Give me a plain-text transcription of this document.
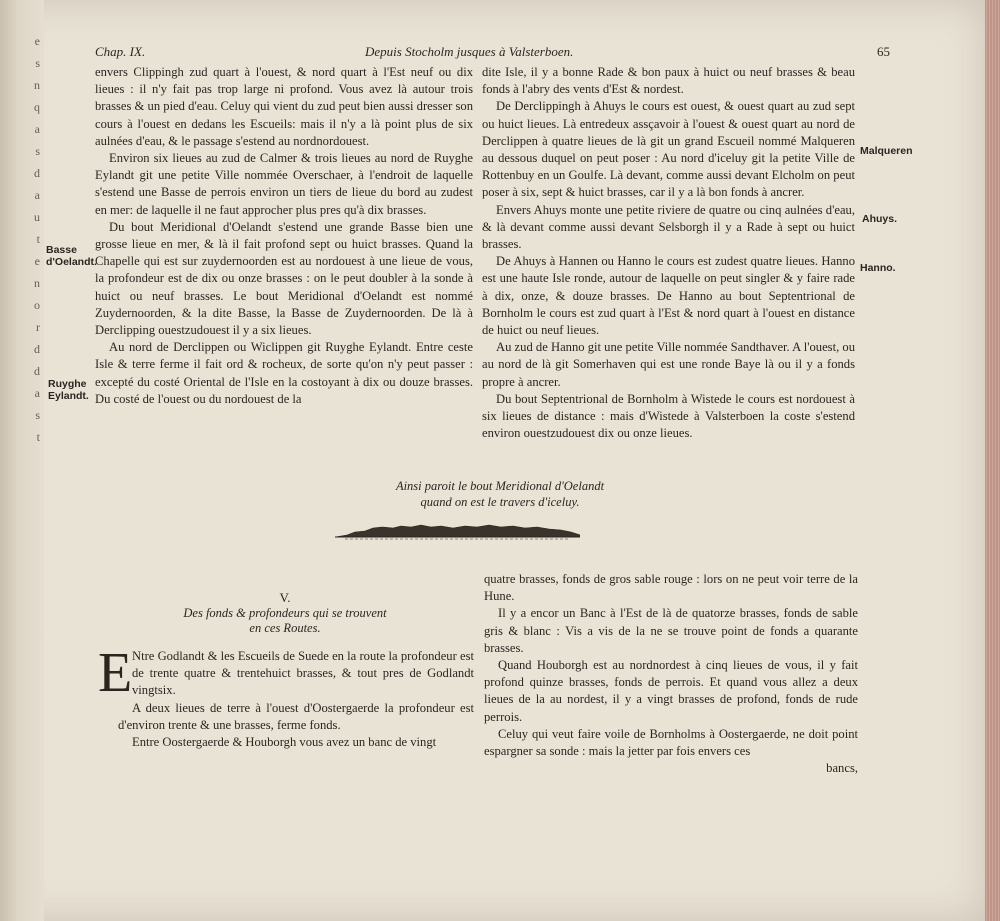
e
s
n
q
a
s
d
a
u
t
e
n
o
r
d
d
a
s
t
Chap. IX.	Depuis Stocholm jusques à Valsterboen.	65

envers Clippingh zud quart à l'ouest, & nord quart à l'Est neuf ou dix lieues : il n'y fait pas trop large ni profond. Vous avez là autour trois brasses & un pied d'eau. Celuy qui vient du zud peut bien aussi dresser son cours à l'ouest en dedans les Escueils: mais il n'y a là point plus de six aulnées d'eau, & le passage s'estend au nordnordouest.

Environ six lieues au zud de Calmer & trois lieues au nord de Ruyghe Eylandt git une petite Ville nommée Overschaer, à l'endroit de laquelle s'estend une Basse de perrois environ un tiers de lieue du bord au zudest en mer: de laquelle il ne faut approcher plus pres qu'à dix brasses.

Du bout Meridional d'Oelandt s'estend une grande Basse bien une grosse lieue en mer, & là il fait profond sept ou huict brasses. Quand la Chapelle qui est sur zuydernoorden est au nordouest à une lieue de vous, la profondeur est de dix ou onze brasses : on le peut doubler à la sonde à huict ou neuf brasses. Le bout Meridional d'Oelandt est nommé Zuydernoorden, & la dite Basse, la Basse de Zuydernoorden. De là à Derclipping ouestzudouest il y a six lieues.

Au nord de Derclippen ou Wiclippen git Ruyghe Eylandt. Entre ceste Isle & terre ferme il fait ord & rocheux, de sorte qu'on n'y peut passer : excepté du costé Oriental de l'Isle en la costoyant à dix ou douze brasses. Du costé de l'ouest ou du nordouest de la

Basse d'Oelandt.
Ruyghe Eylandt.

dite Isle, il y a bonne Rade & bon paux à huict ou neuf brasses & beau fonds à l'abry des vents d'Est & nordest.

De Derclippingh à Ahuys le cours est ouest, & ouest quart au zud sept ou huict lieues. Là entredeux assçavoir à l'ouest & ouest quart au nord de Derclippen à quatre lieues de là git un grand Escueil nommé Malqueren au dessous duquel on peut poser : Au nord d'iceluy git la petite Ville de Rottenbuy en un Goulfe. Là devant, comme aussi devant Elcholm on peut poser à six, sept & huict brasses, car il y a là bon fonds à ancrer.

Envers Ahuys monte une petite riviere de quatre ou cinq aulnées d'eau, & là devant comme aussi devant Selsborgh il y a Rade à sept ou huict brasses.

De Ahuys à Hannen ou Hanno le cours est zudest quatre lieues. Hanno est une haute Isle ronde, autour de laquelle on peut singler & y faire rade à dix, onze, & douze brasses. De Hanno au bout Septentrional de Bornholm le cours est zud quart à l'Est & nord quart à l'ouest en distance de huict ou neuf lieues.

Au zud de Hanno git une petite Ville nommée Sandthaver. A l'ouest, ou au nord de là git Somerhaven qui est une ronde Baye là ou il y a fonds propre à ancrer.

Du bout Septentrional de Bornholm à Wistede le cours est nordouest à six lieues de distance : mais d'Wistede à Valsterboen la coste s'estend environ ouestzudouest dix ou onze lieues.

Malqueren
Ahuys.
Hanno.
Ainsi paroit le bout Meridional d'Oelandt
quand on est le travers d'iceluy.
V.
Des fonds & profondeurs qui se trouvent
en ces Routes.
E Ntre Godlandt & les Escueils de Suede en la route la profondeur est de trente quatre & trentehuict brasses, & tout pres de Godlandt vingtsix.

A deux lieues de terre à l'ouest d'Oostergaerde la profondeur est d'environ trente & une brasses, ferme fonds.

Entre Oostergaerde & Houborgh vous avez un banc de vingt

quatre brasses, fonds de gros sable rouge : lors on ne peut voir terre de la Hune.

Il y a encor un Banc à l'Est de là de quatorze brasses, fonds de sable gris & blanc : Vis a vis de la ne se trouve point de fonds a quarante brasses.

Quand Houborgh est au nordnordest à cinq lieues de vous, il y fait profond quinze brasses, fonds de perrois. Et quand vous allez a deux lieues de la au nordest, il y a vingt brasses de profond, fonds de rude perrois.

Celuy qui veut faire voile de Bornholms à Oostergaerde, ne doit point espargner sa sonde : mais la jetter par fois envers ces

bancs,
